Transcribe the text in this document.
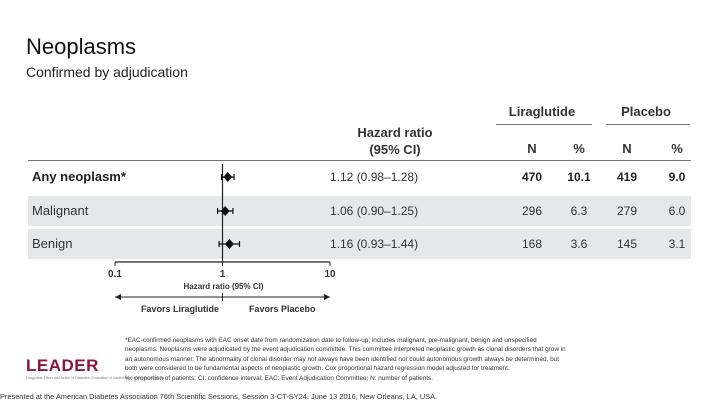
Neoplasms
Confirmed by adjudication
Liraglutide	Placebo
Hazard ratio
(95% CI)	N	%	N	%
Any neoplasm*	1.12 (0.98–1.28)	470	10.1	419	9.0
Malignant	1.06 (0.90–1.25)	296	6.3	279	6.0
Benign	1.16 (0.93–1.44)	168	3.6	145	3.1
0.1	1	10
Hazard ratio (95% CI)
Favors Liraglutide	Favors Placebo
*EAC-confirmed neoplasms with EAC onset date from randomization date to follow-up; includes malignant, pre-malignant, benign and unspecified
neoplasms. Neoplasms were adjudicated by the event adjudication committee. This committee interpreted neoplastic growth as clonal disorders that grow in
an autonomous manner. The abnormality of clonal disorder may not always have been identified nor could autonomous growth always be determined, but
both were considered to be fundamental aspects of neoplastic growth. Cox proportional hazard regression model adjusted for treatment.
%: proportion of patients; CI: confidence interval; EAC: Event Adjudication Committee; N: number of patients.
LEADER
Liraglutide Effect and Action in Diabetes: Evaluation of cardiovascular outcome Results
Presented at the American Diabetes Association 76th Scientific Sessions, Session 3-CT-SY24. June 13 2016, New Orleans, LA, USA.
